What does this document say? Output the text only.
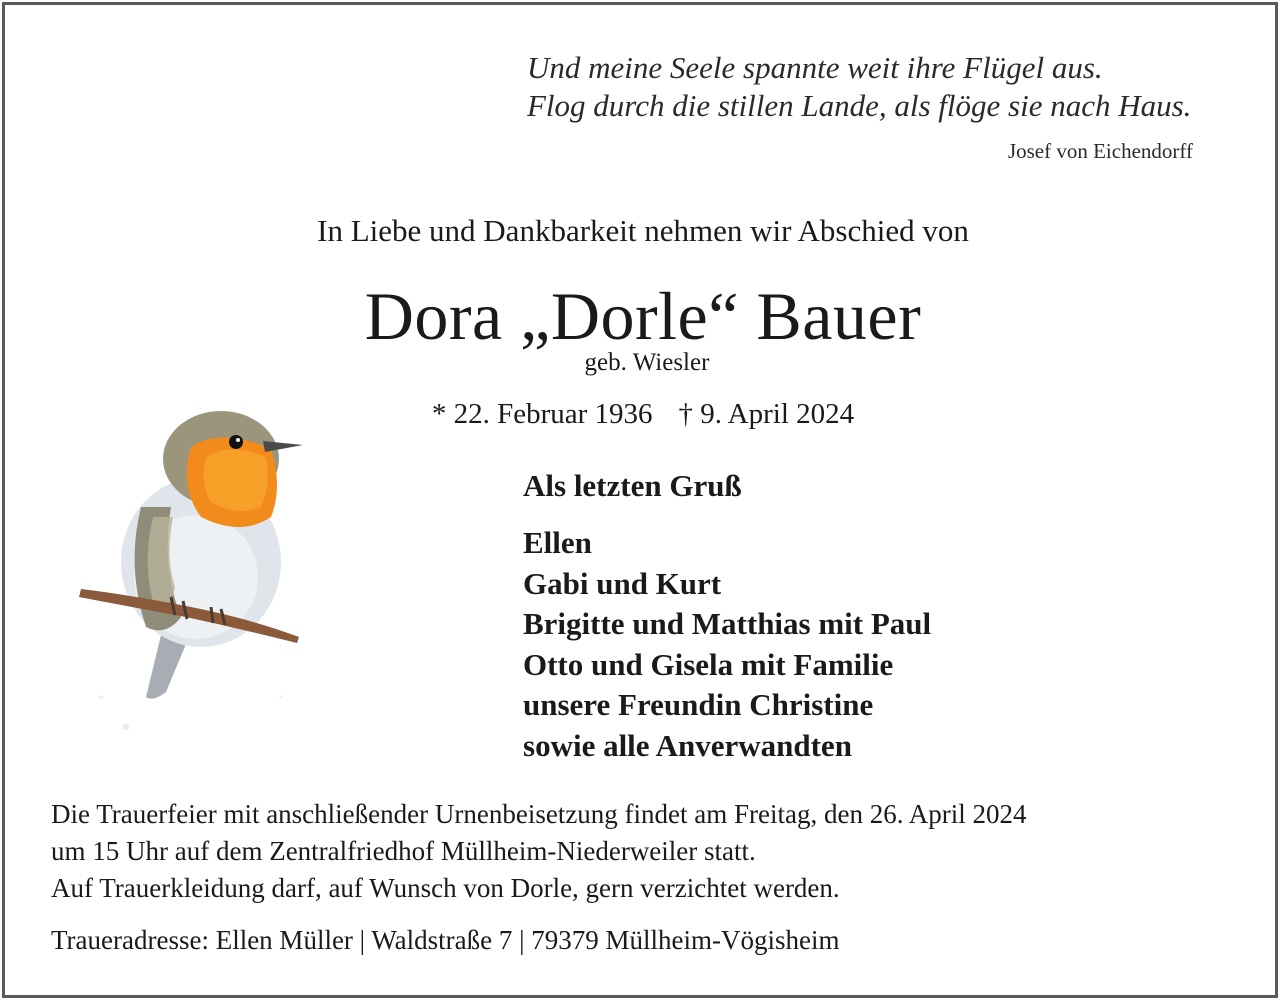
Und meine Seele spannte weit ihre Flügel aus.
Flog durch die stillen Lande, als flöge sie nach Haus.
Josef von Eichendorff
In Liebe und Dankbarkeit nehmen wir Abschied von
Dora „Dorle“ Bauer
geb. Wiesler
* 22. Februar 1936 † 9. April 2024
Als letzten Gruß
Ellen
Gabi und Kurt
Brigitte und Matthias mit Paul
Otto und Gisela mit Familie
unsere Freundin Christine
sowie alle Anverwandten
Die Trauerfeier mit anschließender Urnenbeisetzung findet am Freitag, den 26. April 2024
um 15 Uhr auf dem Zentralfriedhof Müllheim-Niederweiler statt.
Auf Trauerkleidung darf, auf Wunsch von Dorle, gern verzichtet werden.
Traueradresse: Ellen Müller | Waldstraße 7 | 79379 Müllheim-Vögisheim
